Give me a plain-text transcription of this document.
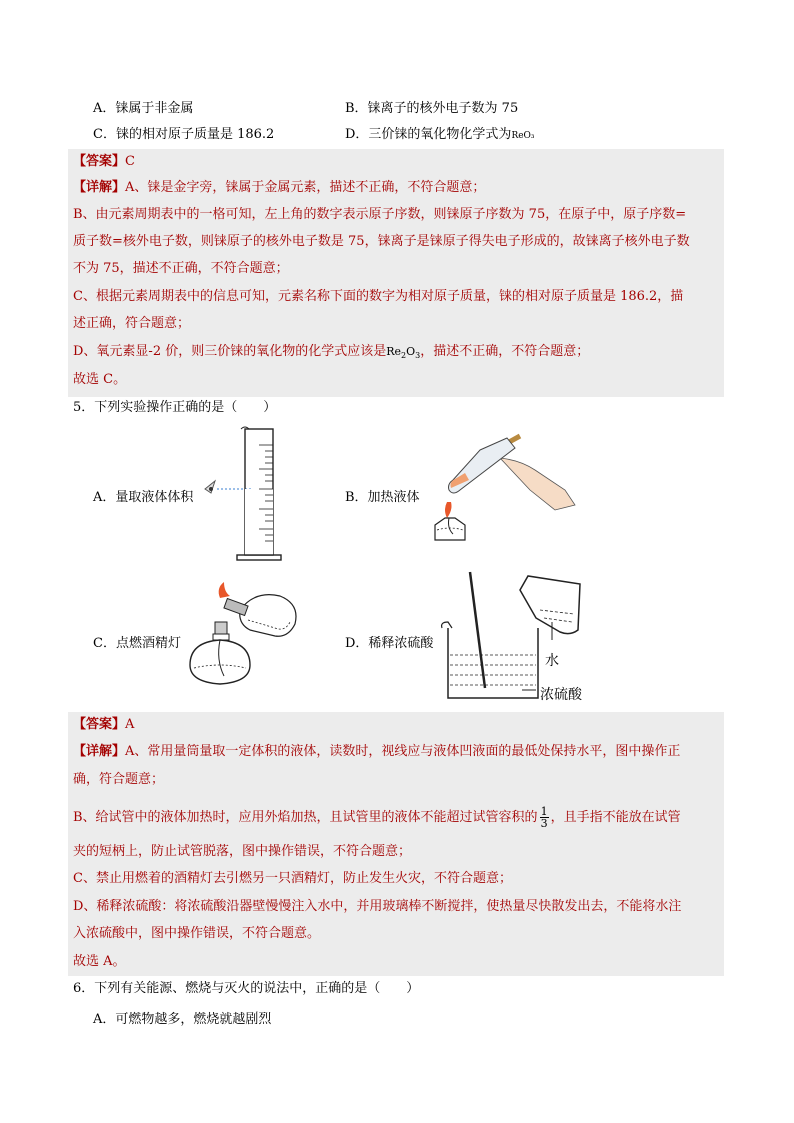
A．铼属于非金属	B．铼离子的核外电子数为 75
C．铼的相对原子质量是 186.2	D．三价铼的氧化物化学式为ReO₃
【答案】C
【详解】A、铼是金字旁，铼属于金属元素，描述不正确，不符合题意；
B、由元素周期表中的一格可知，左上角的数字表示原子序数，则铼原子序数为 75，在原子中，原子序数=
质子数=核外电子数，则铼原子的核外电子数是 75，铼离子是铼原子得失电子形成的，故铼离子核外电子数
不为 75，描述不正确，不符合题意；
C、根据元素周期表中的信息可知，元素名称下面的数字为相对原子质量，铼的相对原子质量是 186.2，描
述正确，符合题意；
D、氧元素显-2 价，则三价铼的氧化物的化学式应该是$Re_2O_3$，描述不正确，不符合题意；
故选 C。
5．下列实验操作正确的是（　　）
A．量取液体体积	B．加热液体
C．点燃酒精灯	D．稀释浓硫酸
水
浓硫酸
【答案】A
【详解】A、常用量筒量取一定体积的液体，读数时，视线应与液体凹液面的最低处保持水平，图中操作正
确，符合题意；
B、给试管中的液体加热时，应用外焰加热，且试管里的液体不能超过试管容积的 $\frac{1}{3}$ ，且手指不能放在试管
夹的短柄上，防止试管脱落，图中操作错误，不符合题意；
C、禁止用燃着的酒精灯去引燃另一只酒精灯，防止发生火灾，不符合题意；
D、稀释浓硫酸：将浓硫酸沿器壁慢慢注入水中，并用玻璃棒不断搅拌，使热量尽快散发出去，不能将水注
入浓硫酸中，图中操作错误，不符合题意。
故选 A。
6．下列有关能源、燃烧与灭火的说法中，正确的是（　　）
A．可燃物越多，燃烧就越剧烈
